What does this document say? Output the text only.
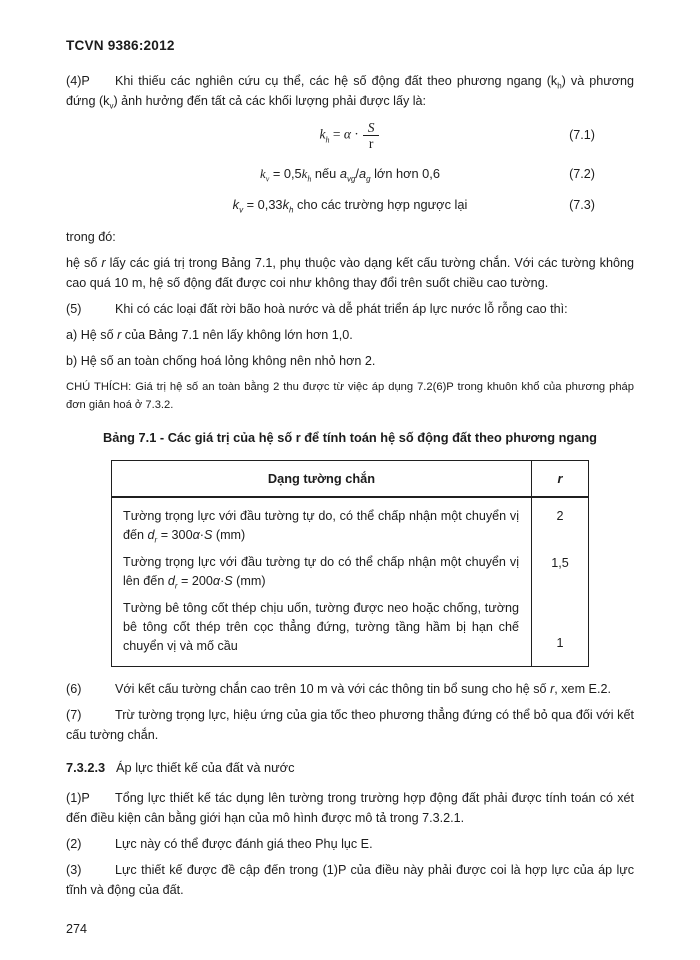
TCVN 9386:2012

(4)P Khi thiếu các nghiên cứu cụ thể, các hệ số động đất theo phương ngang $(k_h)$ và phương đứng $(k_v)$ ảnh hưởng đến tất cả các khối lượng phải được lấy là:

$k_h = \alpha \cdot \frac{S}{r}$	(7.1)
$k_v = 0,5k_h$ nếu $a_{vg}/a_g$ lớn hơn 0,6	(7.2)
$k_v = 0,33k_h$ cho các trường hợp ngược lại	(7.3)

trong đó:

hệ số r lấy các giá trị trong Bảng 7.1, phụ thuộc vào dạng kết cấu tường chắn. Với các tường không cao quá 10 m, hệ số động đất được coi như không thay đổi trên suốt chiều cao tường.

(5)	Khi có các loại đất rời bão hoà nước và dễ phát triển áp lực nước lỗ rỗng cao thì:

a) Hệ số r của Bảng 7.1 nên lấy không lớn hơn 1,0.

b) Hệ số an toàn chống hoá lỏng không nên nhỏ hơn 2.

CHÚ THÍCH: Giá trị hệ số an toàn bằng 2 thu được từ việc áp dụng 7.2(6)P trong khuôn khổ của phương pháp đơn giản hoá ở 7.3.2.

Bảng 7.1 - Các giá trị của hệ số r để tính toán hệ số động đất theo phương ngang
Dạng tường chắn	r
Tường trọng lực với đầu tường tự do, có thể chấp nhận một chuyển vị đến $d_r = 300\alpha\cdot S$ (mm)	2
Tường trọng lực với đầu tường tự do có thể chấp nhận một chuyển vị lên đến $d_r = 200\alpha\cdot S$ (mm)	1,5
Tường bê tông cốt thép chịu uốn, tường được neo hoặc chống, tường bê tông cốt thép trên cọc thẳng đứng, tường tầng hầm bị hạn chế chuyển vị và mố cầu	1

(6)	Với kết cấu tường chắn cao trên 10 m và với các thông tin bổ sung cho hệ số r, xem E.2.

(7)	Trừ tường trọng lực, hiệu ứng của gia tốc theo phương thẳng đứng có thể bỏ qua đối với kết cấu tường chắn.

7.3.2.3 Áp lực thiết kế của đất và nước

(1)P Tổng lực thiết kế tác dụng lên tường trong trường hợp động đất phải được tính toán có xét đến điều kiện cân bằng giới hạn của mô hình được mô tả trong 7.3.2.1.

(2)	Lực này có thể được đánh giá theo Phụ lục E.

(3)	Lực thiết kế được đề cập đến trong (1)P của điều này phải được coi là hợp lực của áp lực tĩnh và động của đất.

274
